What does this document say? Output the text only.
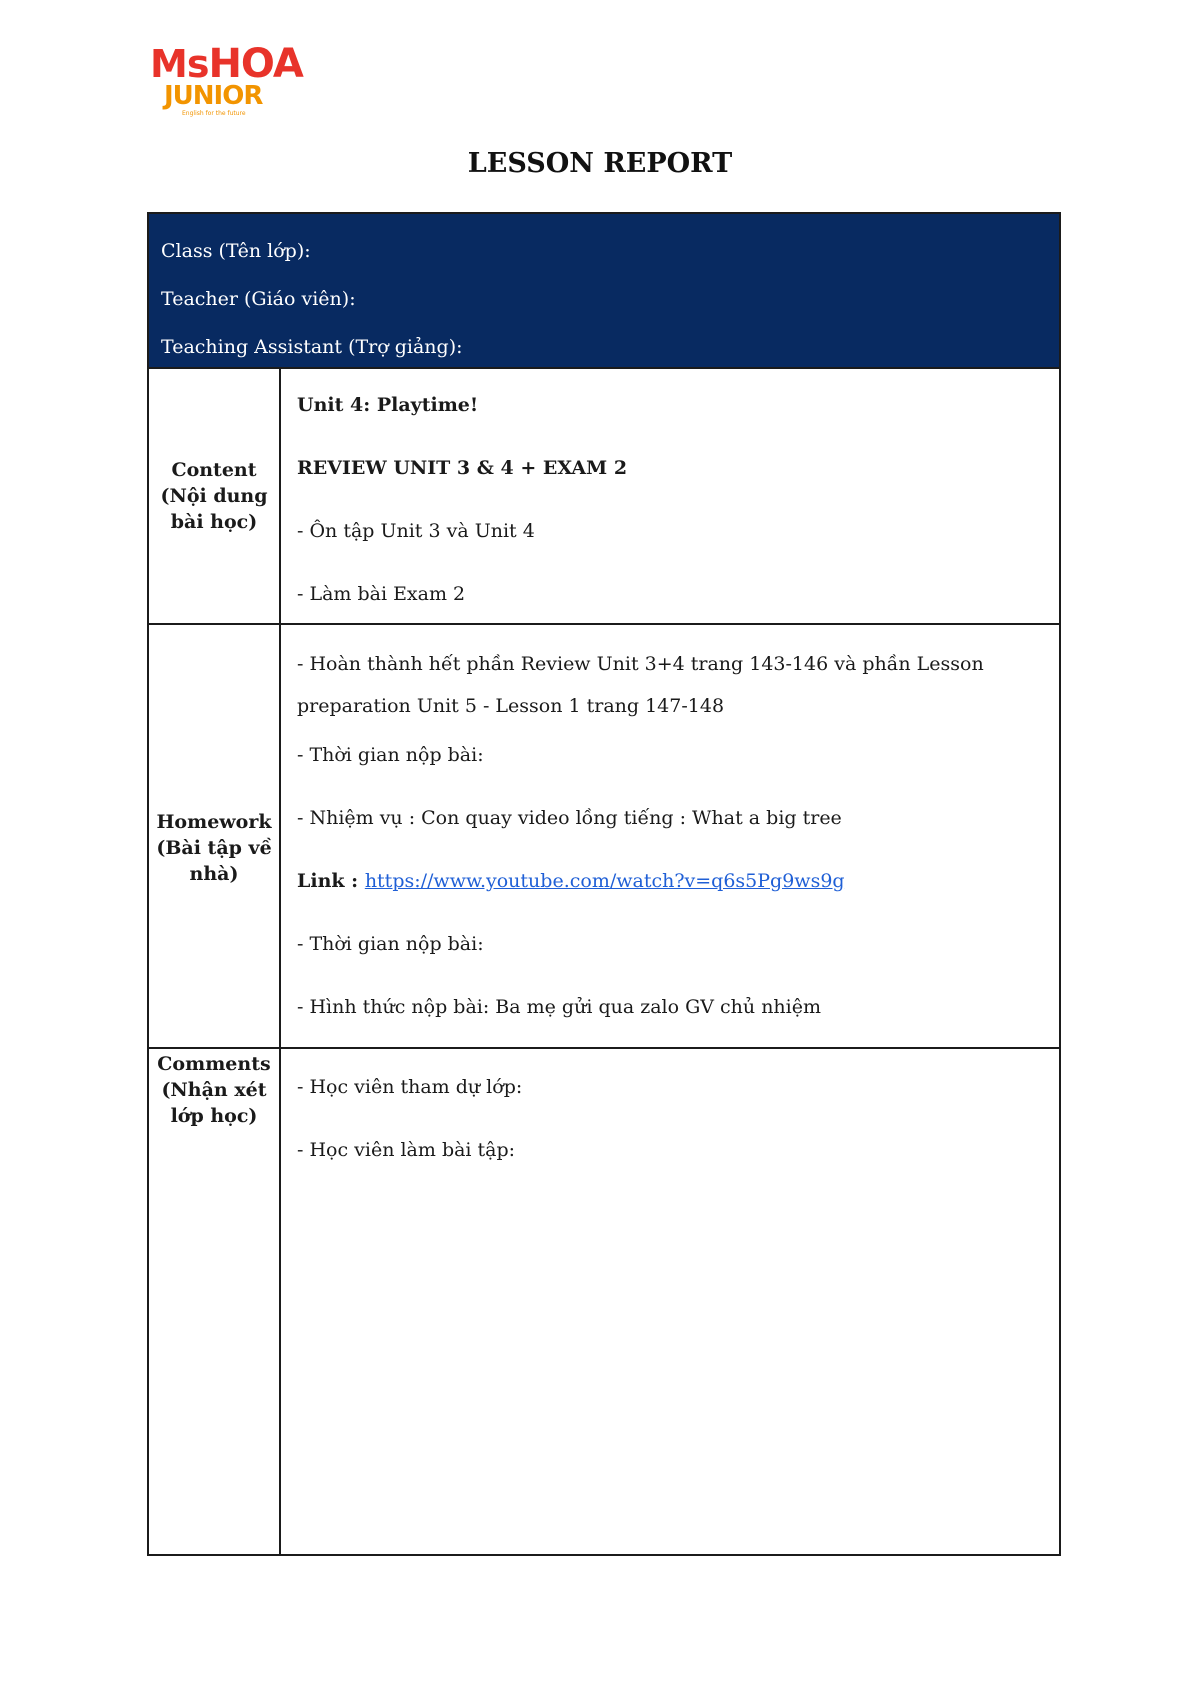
MsHOA
JUNIOR
English for the future
LESSON REPORT
Class (Tên lớp):
Teacher (Giáo viên):
Teaching Assistant (Trợ giảng):
Content
(Nội dung
bài học)

Unit 4: Playtime!

REVIEW UNIT 3 & 4 + EXAM 2

- Ôn tập Unit 3 và Unit 4

- Làm bài Exam 2

Homework
(Bài tập về
nhà)

- Hoàn thành hết phần Review Unit 3+4 trang 143-146 và phần Lesson preparation Unit 5 - Lesson 1 trang 147-148

- Thời gian nộp bài:

- Nhiệm vụ : Con quay video lồng tiếng : What a big tree

Link : https://www.youtube.com/watch?v=q6s5Pg9ws9g

- Thời gian nộp bài:

- Hình thức nộp bài: Ba mẹ gửi qua zalo GV chủ nhiệm

Comments
(Nhận xét
lớp học)

- Học viên tham dự lớp:

- Học viên làm bài tập:
